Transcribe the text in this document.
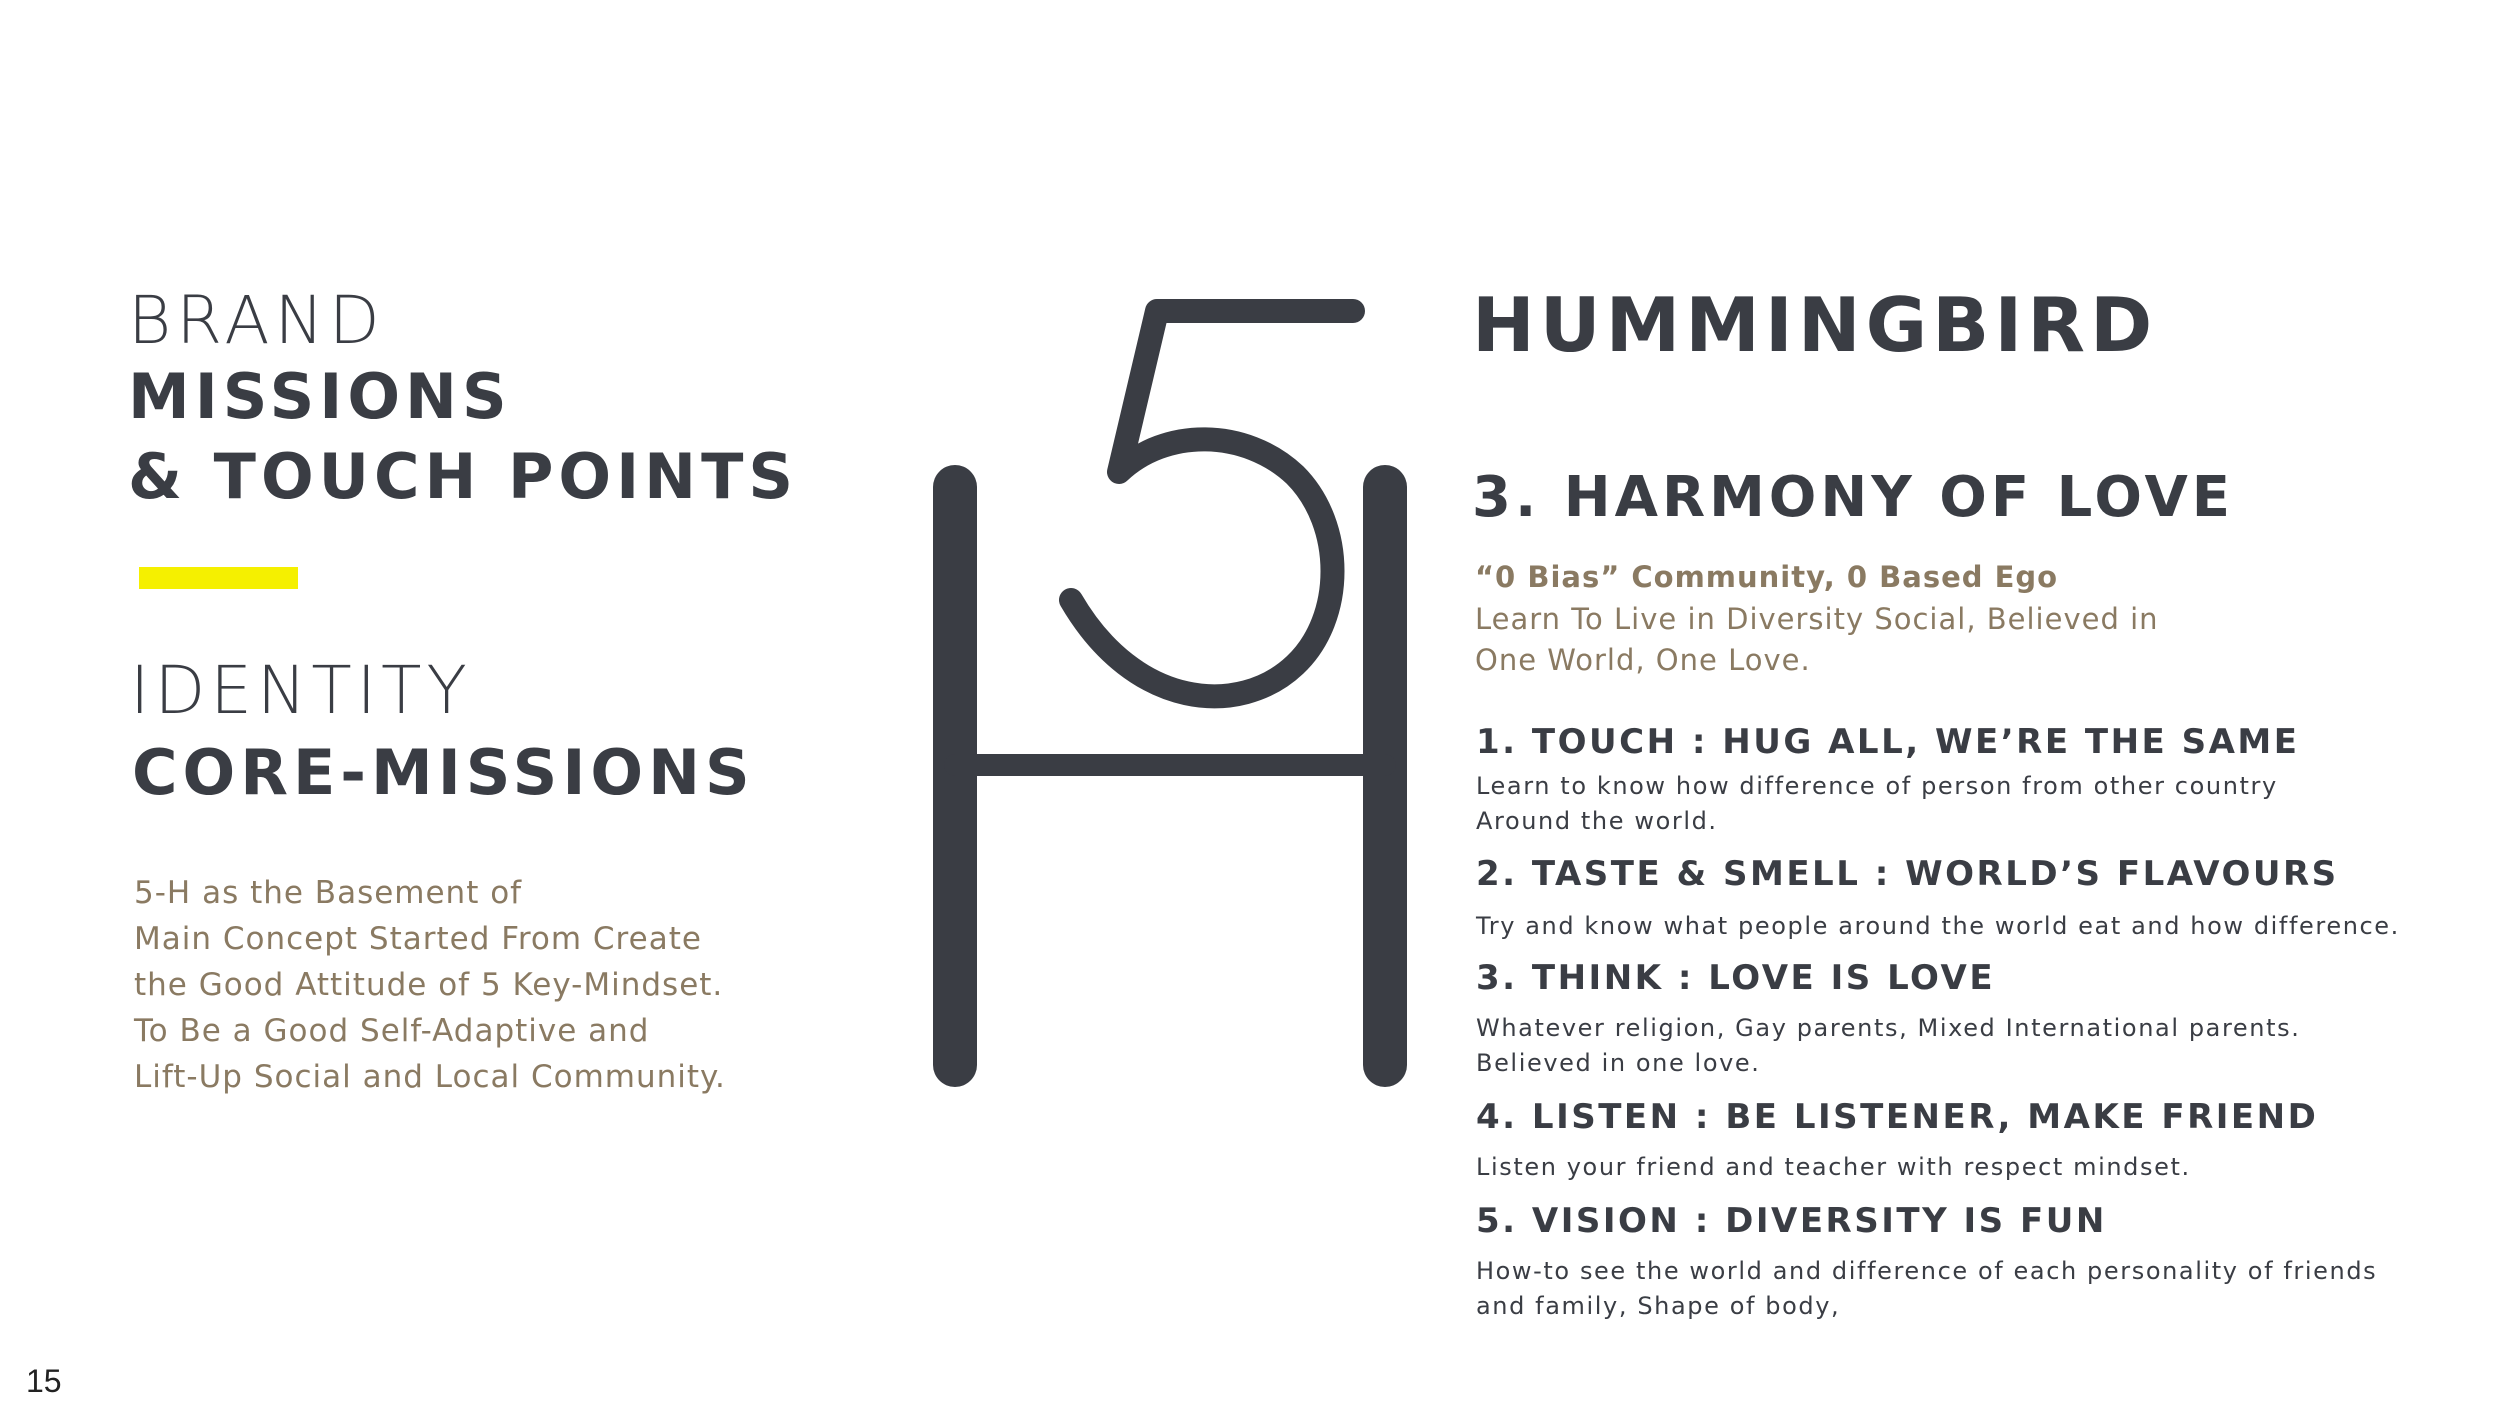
BRAND
MISSIONS
& TOUCH POINTS
IDENTITY
CORE-MISSIONS
5-H as the Basement of
Main Concept Started From Create
the Good Attitude of 5 Key-Mindset.
To Be a Good Self-Adaptive and
Lift-Up Social and Local Community.
HUMMINGBIRD
3. HARMONY OF LOVE
“0 Bias” Community, 0 Based Ego
Learn To Live in Diversity Social, Believed in
One World, One Love.
1. TOUCH : HUG ALL, WE’RE THE SAME
Learn to know how difference of person from other country
Around the world.
2. TASTE & SMELL : WORLD’S FLAVOURS
Try and know what people around the world eat and how difference.
3. THINK : LOVE IS LOVE
Whatever religion, Gay parents, Mixed International parents.
Believed in one love.
4. LISTEN : BE LISTENER, MAKE FRIEND
Listen your friend and teacher with respect mindset.
5. VISION : DIVERSITY IS FUN
How-to see the world and difference of each personality of friends
and family, Shape of body,
15
